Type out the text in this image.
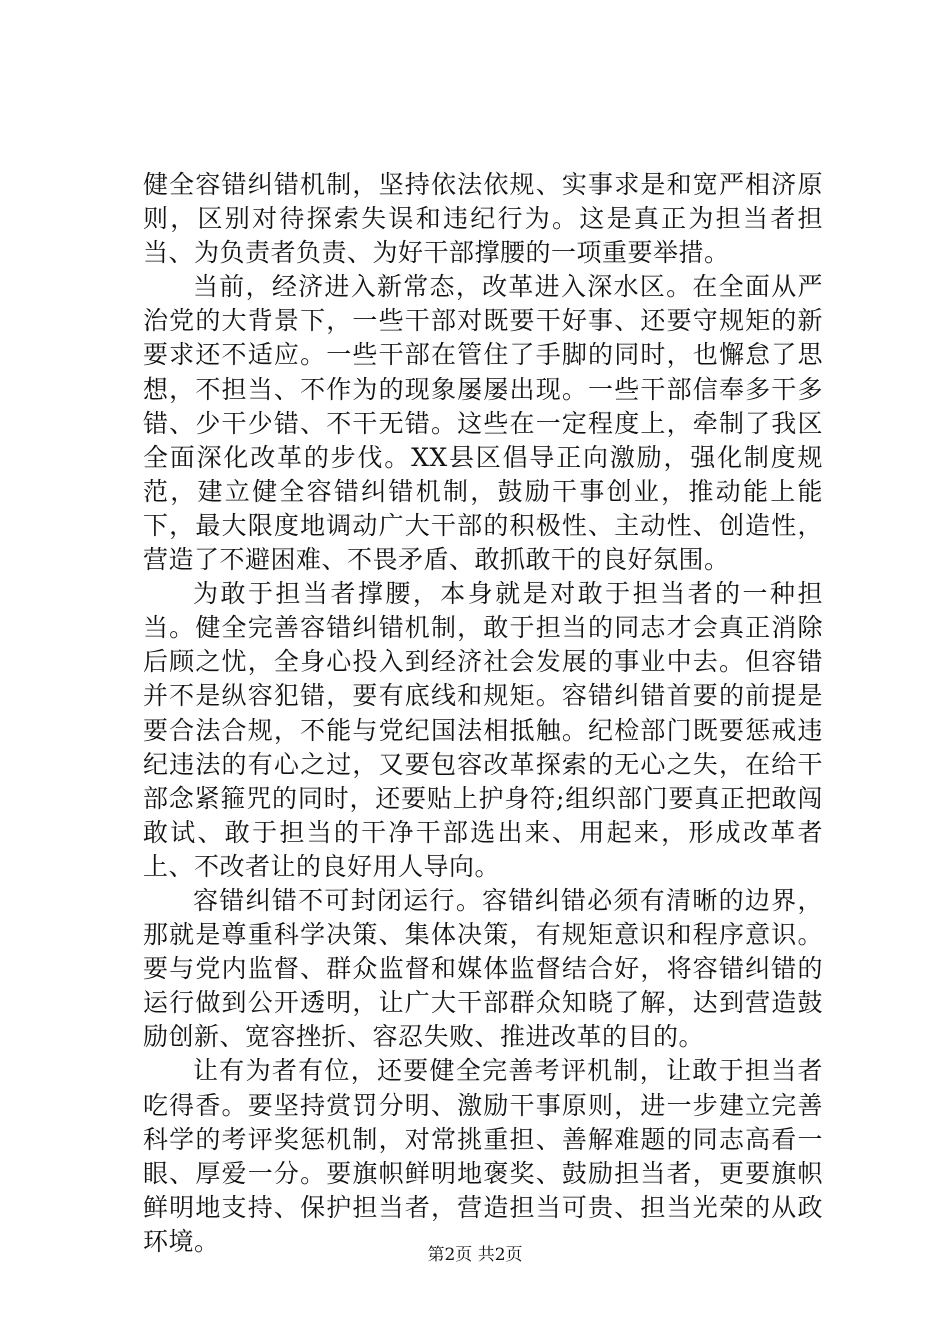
健全容错纠错机制，坚持依法依规、实事求是和宽严相济原则，区别对待探索失误和违纪行为。这是真正为担当者担当、为负责者负责、为好干部撑腰的一项重要举措。

当前，经济进入新常态，改革进入深水区。在全面从严治党的大背景下，一些干部对既要干好事、还要守规矩的新要求还不适应。一些干部在管住了手脚的同时，也懈怠了思想，不担当、不作为的现象屡屡出现。一些干部信奉多干多错、少干少错、不干无错。这些在一定程度上，牵制了我区全面深化改革的步伐。XX县区倡导正向激励，强化制度规范，建立健全容错纠错机制，鼓励干事创业，推动能上能下，最大限度地调动广大干部的积极性、主动性、创造性，营造了不避困难、不畏矛盾、敢抓敢干的良好氛围。

为敢于担当者撑腰，本身就是对敢于担当者的一种担当。健全完善容错纠错机制，敢于担当的同志才会真正消除后顾之忧，全身心投入到经济社会发展的事业中去。但容错并不是纵容犯错，要有底线和规矩。容错纠错首要的前提是要合法合规，不能与党纪国法相抵触。纪检部门既要惩戒违纪违法的有心之过，又要包容改革探索的无心之失，在给干部念紧箍咒的同时，还要贴上护身符;组织部门要真正把敢闯敢试、敢于担当的干净干部选出来、用起来，形成改革者上、不改者让的良好用人导向。

容错纠错不可封闭运行。容错纠错必须有清晰的边界，那就是尊重科学决策、集体决策，有规矩意识和程序意识。要与党内监督、群众监督和媒体监督结合好，将容错纠错的运行做到公开透明，让广大干部群众知晓了解，达到营造鼓励创新、宽容挫折、容忍失败、推进改革的目的。

让有为者有位，还要健全完善考评机制，让敢于担当者吃得香。要坚持赏罚分明、激励干事原则，进一步建立完善科学的考评奖惩机制，对常挑重担、善解难题的同志高看一眼、厚爱一分。要旗帜鲜明地褒奖、鼓励担当者，更要旗帜鲜明地支持、保护担当者，营造担当可贵、担当光荣的从政环境。	第2页 共2页
